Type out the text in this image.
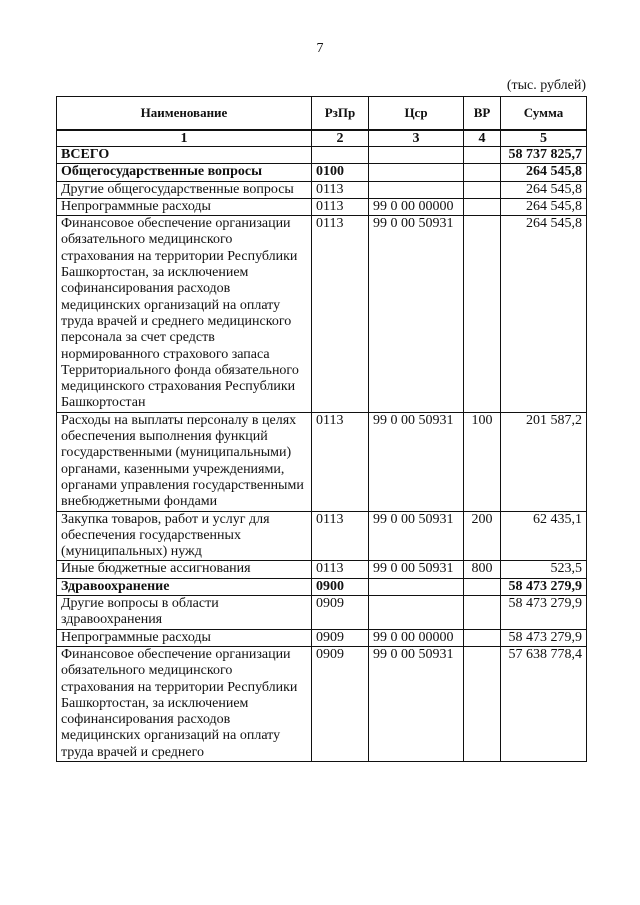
7
(тыс. рублей)
Наименование	РзПр	Цср	ВР	Сумма
1	2	3	4	5
ВСЕГО				58 737 825,7
Общегосударственные вопросы	0100			264 545,8
Другие общегосударственные вопросы	0113			264 545,8
Непрограммные расходы	0113	99 0 00 00000		264 545,8
Финансовое обеспечение организации обязательного медицинского страхования на территории Республики Башкортостан, за исключением софинансирования расходов медицинских организаций на оплату труда врачей и среднего медицинского персонала за счет средств нормированного страхового запаса Территориального фонда обязательного медицинского страхования Республики Башкортостан	0113	99 0 00 50931		264 545,8
Расходы на выплаты персоналу в целях обеспечения выполнения функций государственными (муниципальными) органами, казенными учреждениями, органами управления государственными внебюджетными фондами	0113	99 0 00 50931	100	201 587,2
Закупка товаров, работ и услуг для обеспечения государственных (муниципальных) нужд	0113	99 0 00 50931	200	62 435,1
Иные бюджетные ассигнования	0113	99 0 00 50931	800	523,5
Здравоохранение	0900			58 473 279,9
Другие вопросы в области здравоохранения	0909			58 473 279,9
Непрограммные расходы	0909	99 0 00 00000		58 473 279,9
Финансовое обеспечение организации обязательного медицинского страхования на территории Республики Башкортостан, за исключением софинансирования расходов медицинских организаций на оплату труда врачей и среднего	0909	99 0 00 50931		57 638 778,4
